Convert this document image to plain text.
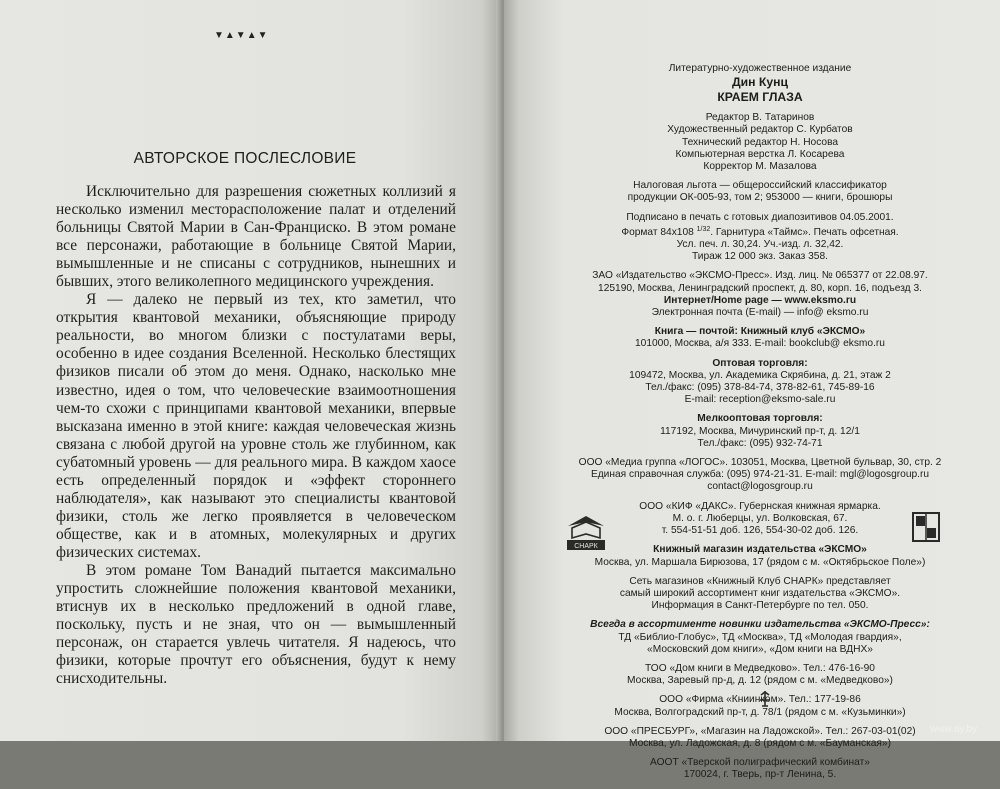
▼▲▼▲▼
АВТОРСКОЕ ПОСЛЕСЛОВИЕ

Исключительно для разрешения сюжетных коллизий я несколько изменил месторасположение палат и отделений больницы Святой Марии в Сан-Франциско. В этом романе все персонажи, работающие в больнице Святой Марии, вымышленные и не списаны с сотрудников, нынешних и бывших, этого великолепного медицинского учреждения.

Я — далеко не первый из тех, кто заметил, что открытия квантовой механики, объясняющие природу реальности, во многом близки с постулатами веры, особенно в идее создания Вселенной. Несколько блестящих физиков писали об этом до меня. Однако, насколько мне известно, идея о том, что человеческие взаимоотношения чем-то схожи с принципами квантовой механики, впервые высказана именно в этой книге: каждая человеческая жизнь связана с любой другой на уровне столь же глубинном, как субатомный уровень — для реального мира. В каждом хаосе есть определенный порядок и «эффект стороннего наблюдателя», как называют это специалисты квантовой физики, столь же легко проявляется в человеческом обществе, как и в атомных, молекулярных и других физических системах.

В этом романе Том Ванадий пытается максимально упростить сложнейшие положения квантовой механики, втиснув их в несколько предложений в одной главе, поскольку, пусть и не зная, что он — вымышленный персонаж, он старается увлечь читателя. Я надеюсь, что физики, которые прочтут его объяснения, будут к нему снисходительны.

Литературно-художественное издание
Дин Кунц
КРАЕМ ГЛАЗА
Редактор В. Татаринов
Художественный редактор С. Курбатов
Технический редактор Н. Носова
Компьютерная верстка Л. Косарева
Корректор М. Мазалова
Налоговая льгота — общероссийский классификатор
продукции ОК-005-93, том 2; 953000 — книги, брошюры
Подписано в печать с готовых диапозитивов 04.05.2001.
Формат 84x108 $^{1/32}$. Гарнитура «Таймс». Печать офсетная.
Усл. печ. л. 30,24. Уч.-изд. л. 32,42.
Тираж 12 000 экз. Заказ 358.
ЗАО «Издательство «ЭКСМО-Пресс». Изд. лиц. № 065377 от 22.08.97.
125190, Москва, Ленинградский проспект, д. 80, корп. 16, подъезд 3.
Интернет/Home page — www.eksmo.ru
Электронная почта (E-mail) — info@ eksmo.ru
Книга — почтой: Книжный клуб «ЭКСМО»
101000, Москва, а/я 333. E-mail: bookclub@ eksmo.ru
Оптовая торговля:
109472, Москва, ул. Академика Скрябина, д. 21, этаж 2
Тел./факс: (095) 378-84-74, 378-82-61, 745-89-16
E-mail: reception@eksmo-sale.ru
Мелкооптовая торговля:
117192, Москва, Мичуринский пр-т, д. 12/1
Тел./факс: (095) 932-74-71
ООО «Медиа группа «ЛОГОС». 103051, Москва, Цветной бульвар, 30, стр. 2
Единая справочная служба: (095) 974-21-31. E-mail: mgl@logosgroup.ru
contact@logosgroup.ru
ООО «КИФ «ДАКС». Губернская книжная ярмарка.
М. о. г. Люберцы, ул. Волковская, 67.
т. 554-51-51 доб. 126, 554-30-02 доб. 126.
Книжный магазин издательства «ЭКСМО»
Москва, ул. Маршала Бирюзова, 17 (рядом с м. «Октябрьское Поле»)
Сеть магазинов «Книжный Клуб СНАРК» представляет
самый широкий ассортимент книг издательства «ЭКСМО».
Информация в Санкт-Петербурге по тел. 050.
Всегда в ассортименте новинки издательства «ЭКСМО-Пресс»:
ТД «Библио-Глобус», ТД «Москва», ТД «Молодая гвардия»,
«Московский дом книги», «Дом книги на ВДНХ»
ТОО «Дом книги в Медведково». Тел.: 476-16-90
Москва, Заревый пр-д, д. 12 (рядом с м. «Медведково»)
ООО «Фирма «Книинком». Тел.: 177-19-86
Москва, Волгоградский пр-т, д. 78/1 (рядом с м. «Кузьминки»)
ООО «ПРЕСБУРГ», «Магазин на Ладожской». Тел.: 267-03-01(02)
Москва, ул. Ладожская, д. 8 (рядом с м. «Бауманская»)
АООТ «Тверской полиграфический комбинат»
170024, г. Тверь, пр-т Ленина, 5.
СНАРК
www.ay.by
